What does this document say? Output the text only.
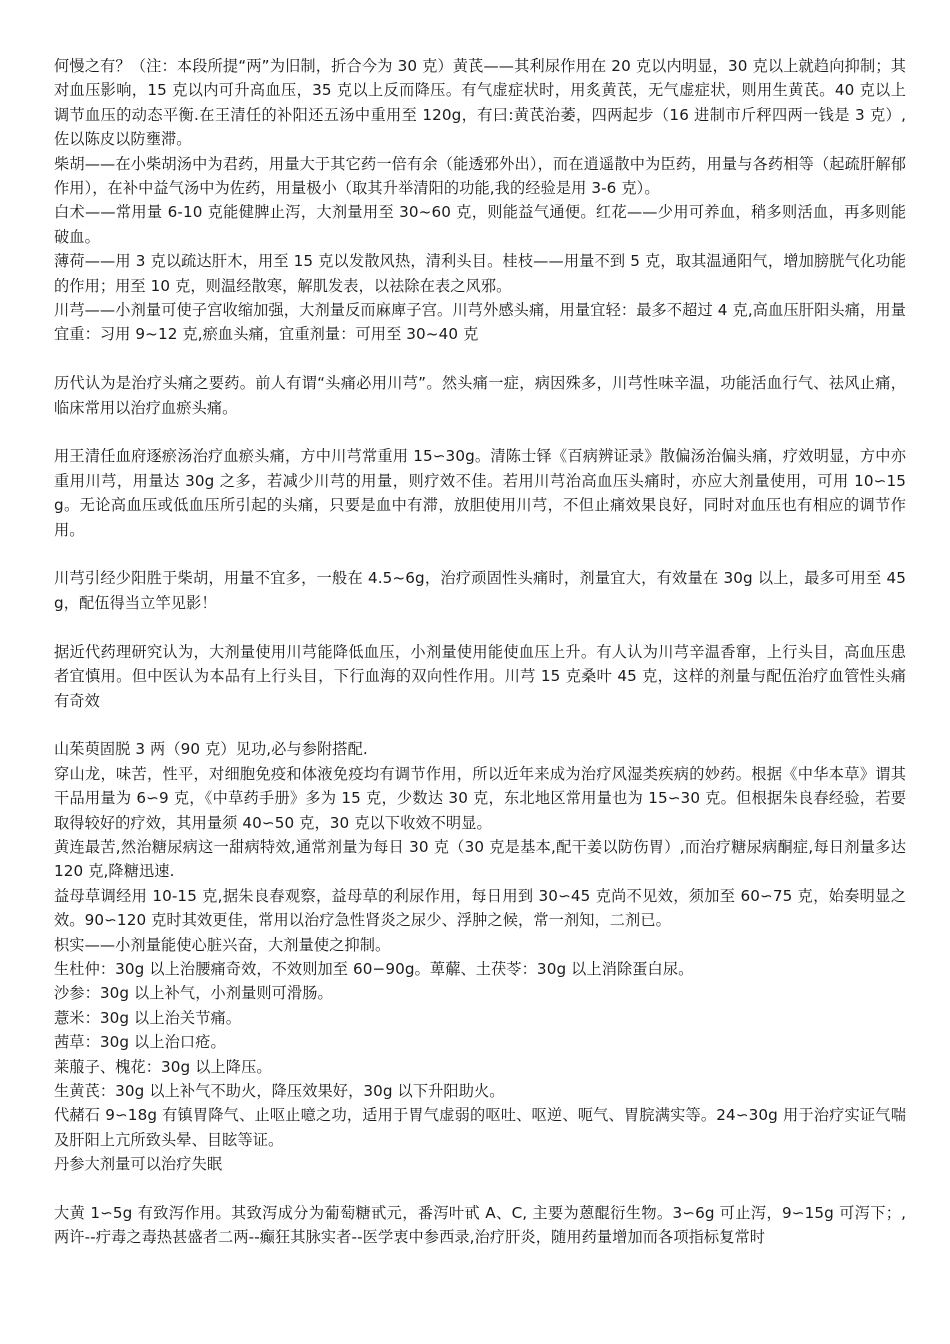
何慢之有？（注：本段所提“两”为旧制，折合今为 30 克）黄芪——其利尿作用在 20 克以内明显，30 克以上就趋向抑制；其对血压影响，15 克以内可升高血压，35 克以上反而降压。有气虚症状时，用炙黄芪，无气虚症状，则用生黄芪。40 克以上调节血压的动态平衡.在王清任的补阳还五汤中重用至 120g，有曰:黄芪治萎，四两起步（16 进制市斤秤四两一钱是 3 克）,佐以陈皮以防壅滞。

柴胡——在小柴胡汤中为君药，用量大于其它药一倍有余（能透邪外出），而在逍遥散中为臣药，用量与各药相等（起疏肝解郁作用），在补中益气汤中为佐药，用量极小（取其升举清阳的功能,我的经验是用 3-6 克）。

白术——常用量 6-10 克能健脾止泻，大剂量用至 30~60 克，则能益气通便。红花——少用可养血，稍多则活血，再多则能破血。

薄荷——用 3 克以疏达肝木，用至 15 克以发散风热，清利头目。桂枝——用量不到 5 克，取其温通阳气，增加膀胱气化功能的作用；用至 10 克，则温经散寒，解肌发表，以祛除在表之风邪。

川芎——小剂量可使子宫收缩加强，大剂量反而麻庳子宫。川芎外感头痛，用量宜轻：最多不超过 4 克,高血压肝阳头痛，用量宜重：习用 9~12 克,瘀血头痛，宜重剂量：可用至 30~40 克

历代认为是治疗头痛之要药。前人有谓“头痛必用川芎”。然头痛一症，病因殊多，川芎性味辛温，功能活血行气、祛风止痛，临床常用以治疗血瘀头痛。

用王清任血府逐瘀汤治疗血瘀头痛，方中川芎常重用 15∽30g。清陈士铎《百病辨证录》散偏汤治偏头痛，疗效明显，方中亦重用川芎，用量达 30g 之多，若减少川芎的用量，则疗效不佳。若用川芎治高血压头痛时，亦应大剂量使用，可用 10∽15g。无论高血压或低血压所引起的头痛，只要是血中有滞，放胆使用川芎，不但止痛效果良好，同时对血压也有相应的调节作用。

川芎引经少阳胜于柴胡，用量不宜多，一般在 4.5~6g，治疗顽固性头痛时，剂量宜大，有效量在 30g 以上，最多可用至 45g，配伍得当立竿见影！

据近代药理研究认为，大剂量使用川芎能降低血压，小剂量使用能使血压上升。有人认为川芎辛温香窜，上行头目，高血压患者宜慎用。但中医认为本品有上行头目，下行血海的双向性作用。川芎 15 克桑叶 45 克，这样的剂量与配伍治疗血管性头痛有奇效

山茱萸固脱 3 两（90 克）见功,必与参附搭配.

穿山龙，味苦，性平，对细胞免疫和体液免疫均有调节作用，所以近年来成为治疗风湿类疾病的妙药。根据《中华本草》谓其干品用量为 6∽9 克，《中草药手册》多为 15 克，少数达 30 克，东北地区常用量也为 15∽30 克。但根据朱良春经验，若要取得较好的疗效，其用量须 40∽50 克，30 克以下收效不明显。

黄连最苦,然治糖尿病这一甜病特效,通常剂量为每日 30 克（30 克是基本,配干姜以防伤胃）,而治疗糖尿病酮症,每日剂量多达 120 克,降糖迅速.

益母草调经用 10-15 克,据朱良春观察，益母草的利尿作用，每日用到 30∽45 克尚不见效，须加至 60∽75 克，始奏明显之效。90∽120 克时其效更佳，常用以治疗急性肾炎之尿少、浮肿之候，常一剂知，二剂已。

枳实——小剂量能使心脏兴奋，大剂量使之抑制。

生杜仲：30g 以上治腰痛奇效，不效则加至 60−90g。萆薢、土茯苓：30g 以上消除蛋白尿。

沙参：30g 以上补气，小剂量则可滑肠。

薏米：30g 以上治关节痛。

茜草：30g 以上治口疮。

莱菔子、槐花：30g 以上降压。

生黄芪：30g 以上补气不助火，降压效果好，30g 以下升阳助火。

代赭石 9∽18g 有镇胃降气、止呕止噫之功，适用于胃气虚弱的呕吐、呕逆、呃气、胃脘满实等。24∽30g 用于治疗实证气喘及肝阳上亢所致头晕、目眩等证。

丹参大剂量可以治疗失眠

大黄 1∽5g 有致泻作用。其致泻成分为葡萄糖甙元，番泻叶甙 A、C, 主要为蒽醌衍生物。3∽6g 可止泻，9∽15g 可泻下；,两许--疔毒之毒热甚盛者二两--癫狂其脉实者--医学衷中参西录,治疗肝炎，随用药量增加而各项指标复常时
